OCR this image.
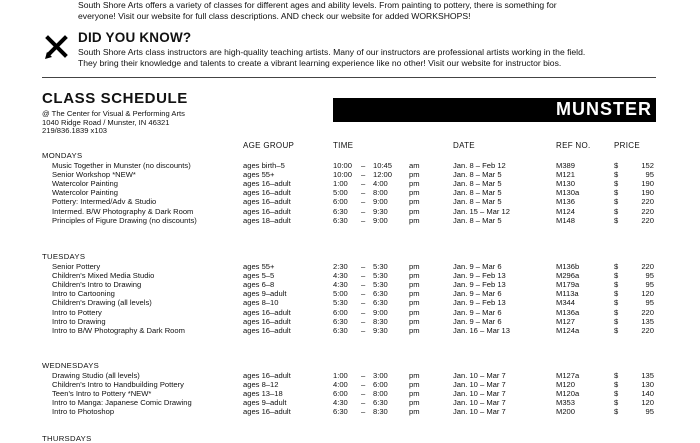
South Shore Arts offers a variety of classes for different ages and ability levels. From painting to pottery, there is something for

everyone! Visit our website for full class descriptions. AND check our website for added WORKSHOPS!

DID YOU KNOW?

South Shore Arts class instructors are high-quality teaching artists. Many of our instructors are professional artists working in the field.

They bring their knowledge and talents to create a vibrant learning experience like no other! Visit our website for instructor bios.

CLASS SCHEDULE
@ The Center for Visual & Performing Arts
1040 Ridge Road / Munster, IN 46321
219/836.1839 x103
MUNSTER
AGE GROUP	TIME	DATE	REF NO.	PRICE
MONDAYS
Music Together in Munster (no discounts)	ages birth–5	10:00 – 10:45 am	Jan. 8 – Feb 12	M389	$	152
Senior Workshop *NEW*	ages 55+	10:00 – 12:00 pm	Jan. 8 – Mar 5	M121	$	95
Watercolor Painting	ages 16–adult	1:00 – 4:00	pm	Jan. 8 – Mar 5	M130	$	190
Watercolor Painting	ages 16–adult	5:00 – 8:00	pm	Jan. 8 – Mar 5	M130a	$	190
Pottery: Intermed/Adv & Studio	ages 16–adult	6:00 – 9:00	pm	Jan. 8 – Mar 5	M136	$	220
Intermed. B/W Photography & Dark Room	ages 16–adult	6:30 – 9:30	pm	Jan. 15 – Mar 12	M124	$	220
Principles of Figure Drawing (no discounts)	ages 18–adult	6:30 – 9:00	pm	Jan. 8 – Mar 5	M148	$	220
TUESDAYS
Senior Pottery	ages 55+	2:30 – 5:30	pm	Jan. 9 – Mar 6	M136b	$	220
Children's Mixed Media Studio	ages 5–5	4:30 – 5:30	pm	Jan. 9 – Feb 13	M296a	$	95
Children's Intro to Drawing	ages 6–8	4:30 – 5:30	pm	Jan. 9 – Feb 13	M179a	$	95
Intro to Cartooning	ages 9–adult	5:00 – 6:30	pm	Jan. 9 – Mar 6	M113a	$	120
Children's Drawing (all levels)	ages 8–10	5:30 – 6:30	pm	Jan. 9 – Feb 13	M344	$	95
Intro to Pottery	ages 16–adult	6:00 – 9:00	pm	Jan. 9 – Mar 6	M136a	$	220
Intro to Drawing	ages 16–adult	6:30 – 8:30	pm	Jan. 9 – Mar 6	M127	$	135
Intro to B/W Photography & Dark Room	ages 16–adult	6:30 – 9:30	pm	Jan. 16 – Mar 13	M124a	$	220
WEDNESDAYS
Drawing Studio (all levels)	ages 16–adult	1:00 – 3:00	pm	Jan. 10 – Mar 7	M127a	$	135
Children's Intro to Handbuilding Pottery	ages 8–12	4:00 – 6:00	pm	Jan. 10 – Mar 7	M120	$	130
Teen's Intro to Pottery *NEW*	ages 13–18	6:00 – 8:00	pm	Jan. 10 – Mar 7	M120a	$	140
Intro to Manga: Japanese Comic Drawing	ages 9–adult	4:30 – 6:30	pm	Jan. 10 – Mar 7	M353	$	120
Intro to Photoshop	ages 16–adult	6:30 – 8:30	pm	Jan. 10 – Mar 7	M200	$	95
THURSDAYS
